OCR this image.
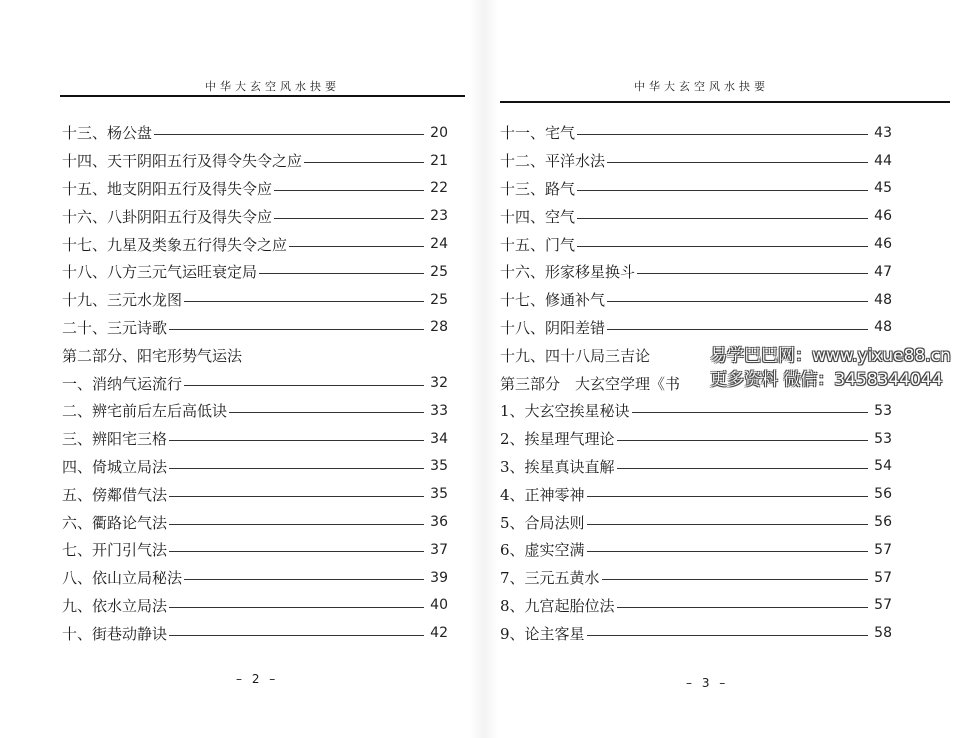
中华大玄空风水抉要
十三、杨公盘	20
十四、天干阴阳五行及得令失令之应	21
十五、地支阴阳五行及得失令应	22
十六、八卦阴阳五行及得失令应	23
十七、九星及类象五行得失令之应	24
十八、八方三元气运旺衰定局	25
十九、三元水龙图	25
二十、三元诗歌	28
第二部分、阳宅形势气运法
一、消纳气运流行	32
二、辨宅前后左后高低诀	33
三、辨阳宅三格	34
四、倚城立局法	35
五、傍鄰借气法	35
六、衢路论气法	36
七、开门引气法	37
八、依山立局秘法	39
九、依水立局法	40
十、街巷动静诀	42
– 2 –
中华大玄空风水抉要
十一、宅气	43
十二、平洋水法	44
十三、路气	45
十四、空气	46
十五、门气	46
十六、形家移星换斗	47
十七、修通补气	48
十八、阴阳差错	48
十九、四十八局三吉论
第三部分　大玄空学理《书
1、大玄空挨星秘诀	53
2、挨星理气理论	53
3、挨星真诀直解	54
4、正神零神	56
5、合局法则	56
6、虚实空满	57
7、三元五黄水	57
8、九宫起胎位法	57
9、论主客星	58
– 3 –
易学巴巴网：www.yixue88.cn
更多资料 微信：3458344044
